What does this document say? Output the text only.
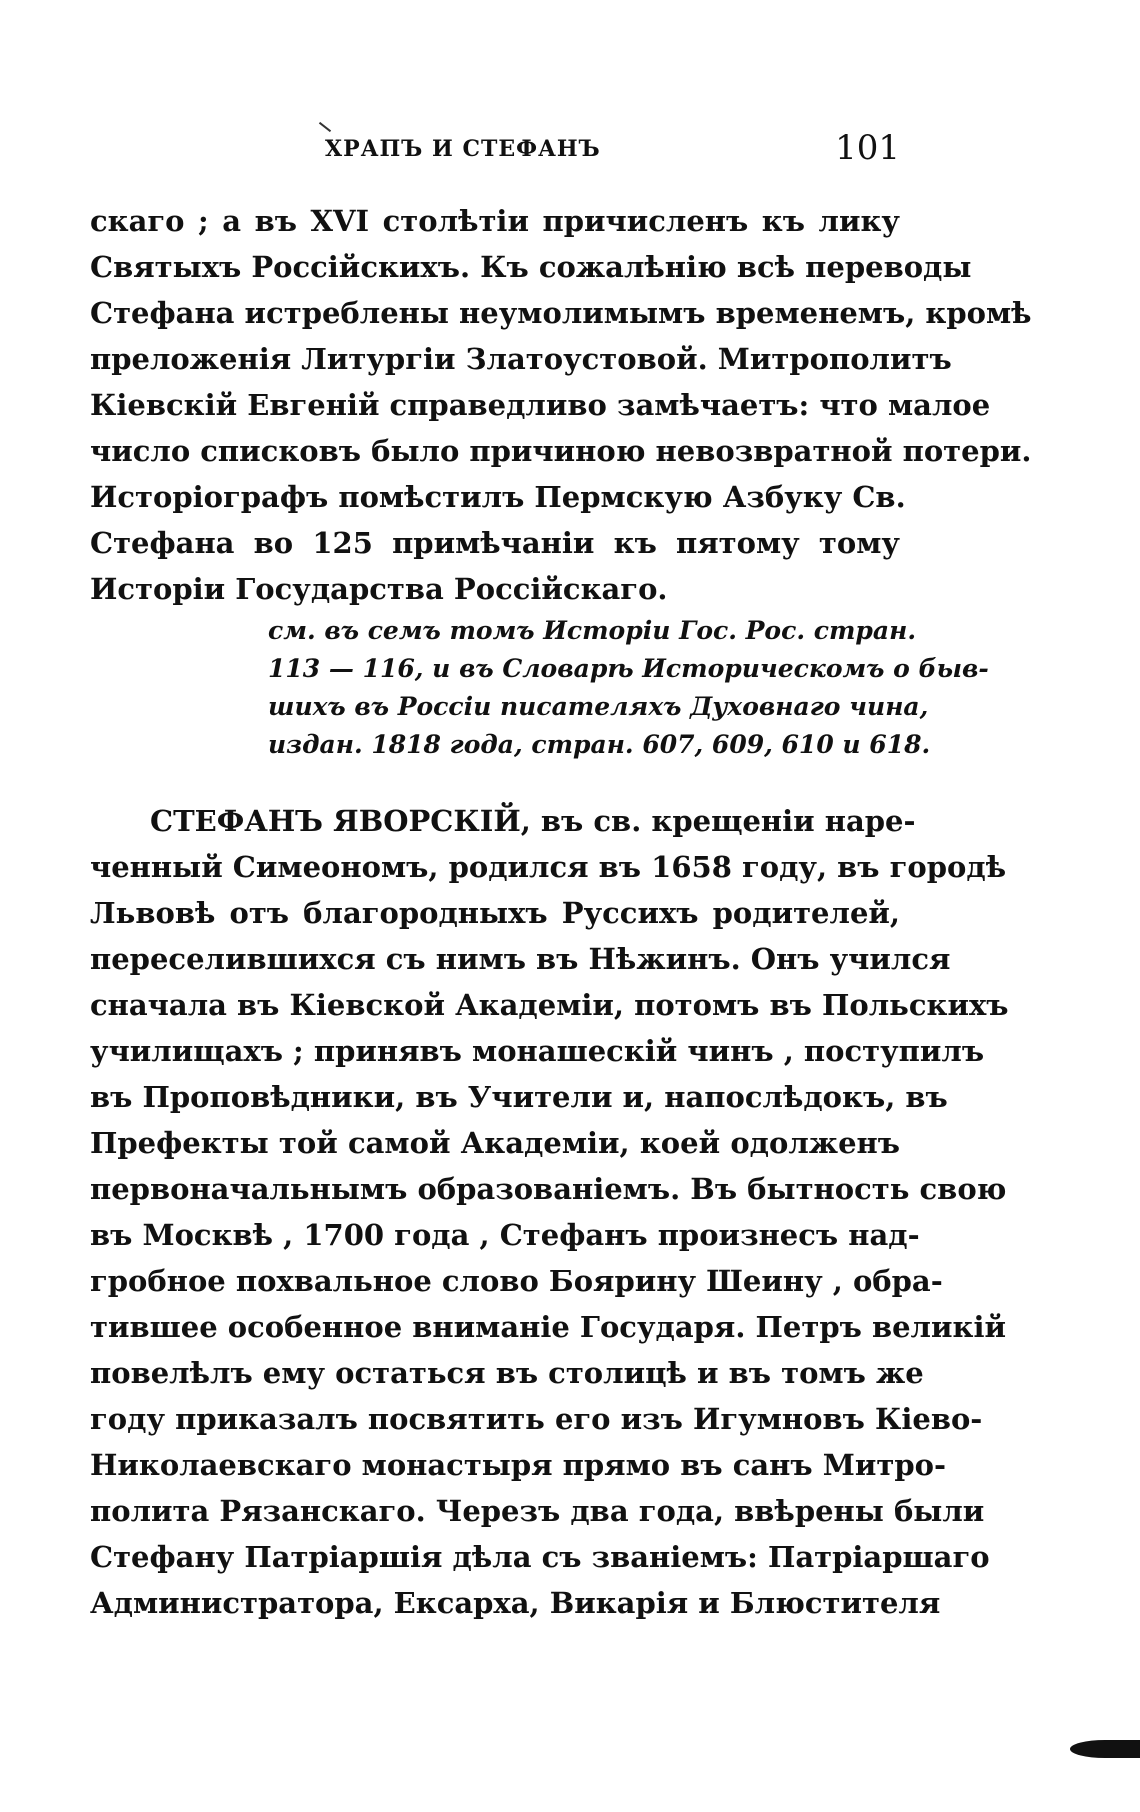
ХРАПЪ И СТЕФАНЪ	101
скаго ; а въ XVI столѣтіи причисленъ къ лику
Святыхъ Россійскихъ. Къ сожалѣнію всѣ переводы
Стефана истреблены неумолимымъ временемъ, кромѣ
преложенія Литургіи Златоустовой. Митрополитъ
Кіевскій Евгеній справедливо замѣчаетъ: что малое
число списковъ было причиною невозвратной потери.
Исторіографъ помѣстилъ Пермскую Азбуку Св.
Стефана во 125 примѣчаніи къ пятому тому
Исторіи Государства Россійскаго.
см. въ семъ томъ Исторіи Гос. Рос. стран.
113 — 116, и въ Словарѣ Историческомъ о быв-
шихъ въ Россіи писателяхъ Духовнаго чина,
издан. 1818 года, стран. 607, 609, 610 и 618.
СТЕФАНЪ ЯВОРСКІЙ, въ св. крещеніи наре-
ченный Симеономъ, родился въ 1658 году, въ городѣ
Львовѣ отъ благородныхъ Руссихъ родителей,
переселившихся съ нимъ въ Нѣжинъ. Онъ учился
сначала въ Кіевской Академіи, потомъ въ Польскихъ
училищахъ ; принявъ монашескій чинъ , поступилъ
въ Проповѣдники, въ Учители и, напослѣдокъ, въ
Префекты той самой Академіи, коей одолженъ
первоначальнымъ образованіемъ. Въ бытность свою
въ Москвѣ , 1700 года , Стефанъ произнесъ над-
гробное похвальное слово Боярину Шеину , обра-
тившее особенное вниманіе Государя. Петръ великій
повелѣлъ ему остаться въ столицѣ и въ томъ же
году приказалъ посвятить его изъ Игумновъ Кіево-
Николаевскаго монастыря прямо въ санъ Митро-
полита Рязанскаго. Черезъ два года, ввѣрены были
Стефану Патріаршія дѣла съ званіемъ: Патріаршаго
Администратора, Ексарха, Викарія и Блюстителя
